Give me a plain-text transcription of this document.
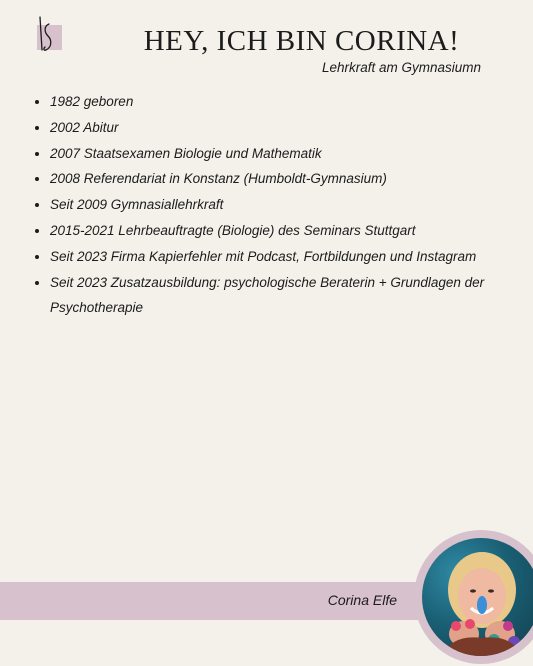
HEY, ICH BIN CORINA!

Lehrkraft am Gymnasiumn

• 1982 geboren
• 2002 Abitur
• 2007 Staatsexamen Biologie und Mathematik
• 2008 Referendariat in Konstanz (Humboldt-Gymnasium)
• Seit 2009 Gymnasiallehrkraft
• 2015-2021 Lehrbeauftragte (Biologie) des Seminars Stuttgart
• Seit 2023 Firma Kapierfehler mit Podcast, Fortbildungen und Instagram
• Seit 2023 Zusatzausbildung: psychologische Beraterin + Grundlagen der Psychotherapie
Corina Elfe
